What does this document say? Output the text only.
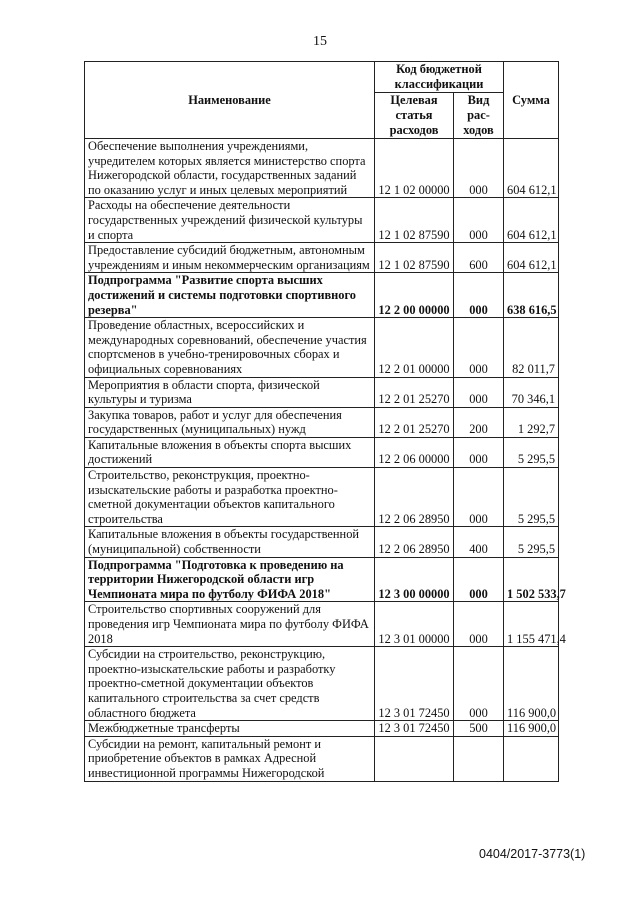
15
Наименование	Код бюджетной классификации		Сумма
	Целевая статья расходов	Вид рас-ходов	
Обеспечение выполнения учреждениями, учредителем которых является министерство спорта Нижегородской области, государственных заданий по оказанию услуг и иных целевых мероприятий	12 1 02 00000	000	604 612,1
Расходы на обеспечение деятельности государственных учреждений физической культуры и спорта	12 1 02 87590	000	604 612,1
Предоставление субсидий бюджетным, автономным учреждениям и иным некоммерческим организациям	12 1 02 87590	600	604 612,1
Подпрограмма "Развитие спорта высших достижений и системы подготовки спортивного резерва"	12 2 00 00000	000	638 616,5
Проведение областных, всероссийских и международных соревнований, обеспечение участия спортсменов в учебно-тренировочных сборах и официальных соревнованиях	12 2 01 00000	000	82 011,7
Мероприятия в области спорта, физической культуры и туризма	12 2 01 25270	000	70 346,1
Закупка товаров, работ и услуг для обеспечения государственных (муниципальных) нужд	12 2 01 25270	200	1 292,7
Капитальные вложения в объекты спорта высших достижений	12 2 06 00000	000	5 295,5
Строительство, реконструкция, проектно-изыскательские работы и разработка проектно-сметной документации объектов капитального строительства	12 2 06 28950	000	5 295,5
Капитальные вложения в объекты государственной (муниципальной) собственности	12 2 06 28950	400	5 295,5
Подпрограмма "Подготовка к проведению на территории Нижегородской области игр Чемпионата мира по футболу ФИФА 2018"	12 3 00 00000	000	1 502 533,7
Строительство спортивных сооружений для проведения игр Чемпионата мира по футболу ФИФА 2018	12 3 01 00000	000	1 155 471,4
Субсидии на строительство, реконструкцию, проектно-изыскательские работы и разработку проектно-сметной документации объектов капитального строительства за счет средств областного бюджета	12 3 01 72450	000	116 900,0
Межбюджетные трансферты	12 3 01 72450	500	116 900,0
Субсидии на ремонт, капитальный ремонт и приобретение объектов в рамках Адресной инвестиционной программы Нижегородской			
0404/2017-3773(1)
